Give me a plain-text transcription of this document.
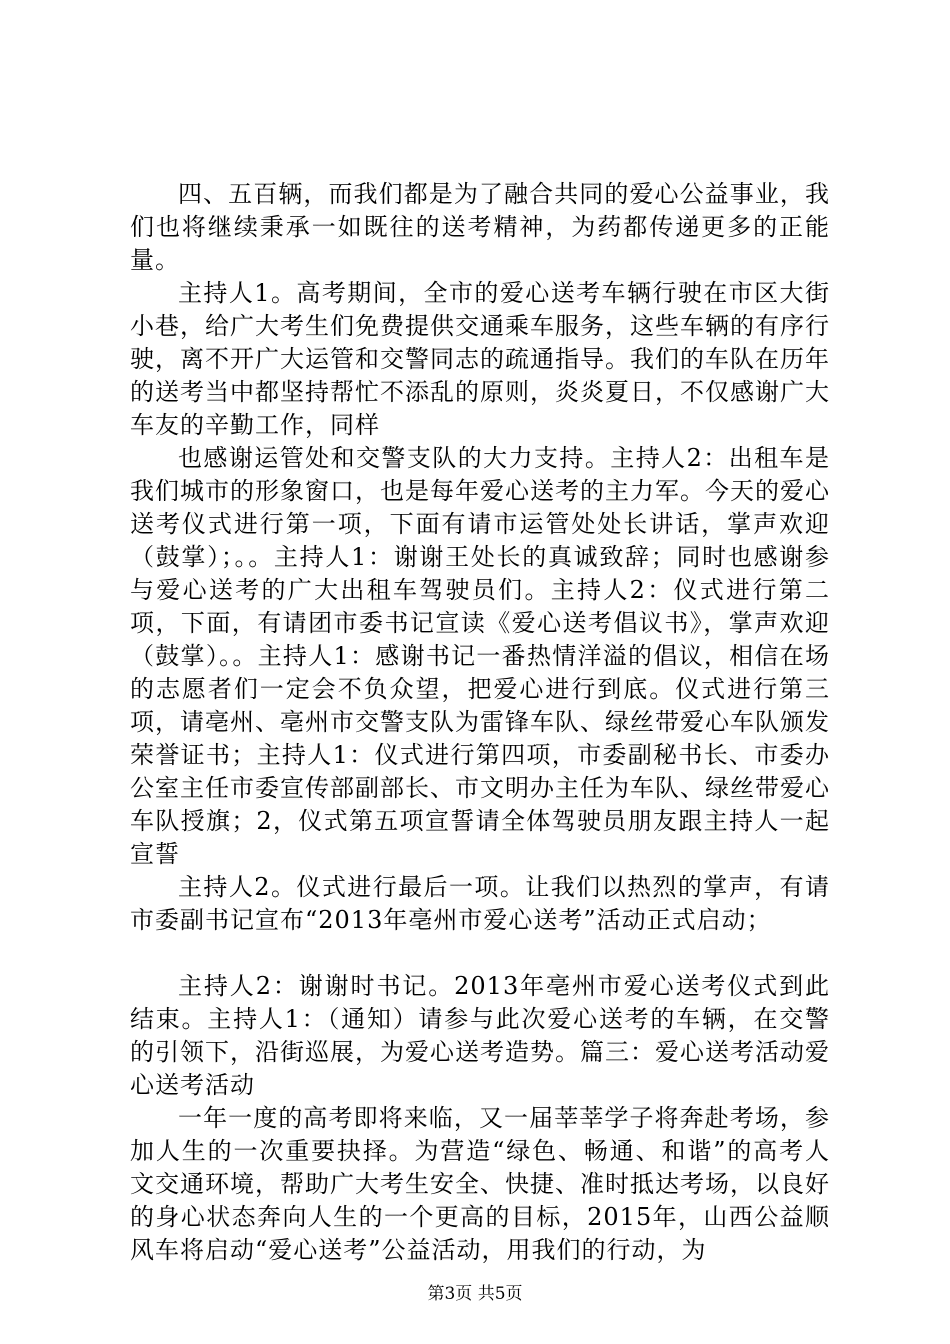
四、五百辆，而我们都是为了融合共同的爱心公益事业，我们也将继续秉承一如既往的送考精神，为药都传递更多的正能量。

主持人1。高考期间，全市的爱心送考车辆行驶在市区大街小巷，给广大考生们免费提供交通乘车服务，这些车辆的有序行驶，离不开广大运管和交警同志的疏通指导。我们的车队在历年的送考当中都坚持帮忙不添乱的原则，炎炎夏日，不仅感谢广大车友的辛勤工作，同样

也感谢运管处和交警支队的大力支持。主持人2：出租车是我们城市的形象窗口，也是每年爱心送考的主力军。今天的爱心送考仪式进行第一项，下面有请市运管处处长讲话，掌声欢迎（鼓掌）；。。主持人1：谢谢王处长的真诚致辞；同时也感谢参与爱心送考的广大出租车驾驶员们。主持人2：仪式进行第二项，下面，有请团市委书记宣读《爱心送考倡议书》，掌声欢迎（鼓掌）。。主持人1：感谢书记一番热情洋溢的倡议，相信在场的志愿者们一定会不负众望，把爱心进行到底。仪式进行第三项，请亳州、亳州市交警支队为雷锋车队、绿丝带爱心车队颁发荣誉证书；主持人1：仪式进行第四项，市委副秘书长、市委办公室主任市委宣传部副部长、市文明办主任为车队、绿丝带爱心车队授旗；2，仪式第五项宣誓请全体驾驶员朋友跟主持人一起宣誓

主持人2。仪式进行最后一项。让我们以热烈的掌声，有请市委副书记宣布“2013年亳州市爱心送考”活动正式启动；

主持人2：谢谢时书记。2013年亳州市爱心送考仪式到此结束。主持人1：（通知）请参与此次爱心送考的车辆，在交警的引领下，沿街巡展，为爱心送考造势。篇三：爱心送考活动爱心送考活动

一年一度的高考即将来临，又一届莘莘学子将奔赴考场，参加人生的一次重要抉择。为营造“绿色、畅通、和谐”的高考人文交通环境，帮助广大考生安全、快捷、准时抵达考场，以良好的身心状态奔向人生的一个更高的目标，2015年，山西公益顺风车将启动“爱心送考”公益活动，用我们的行动，为

第3页 共5页
